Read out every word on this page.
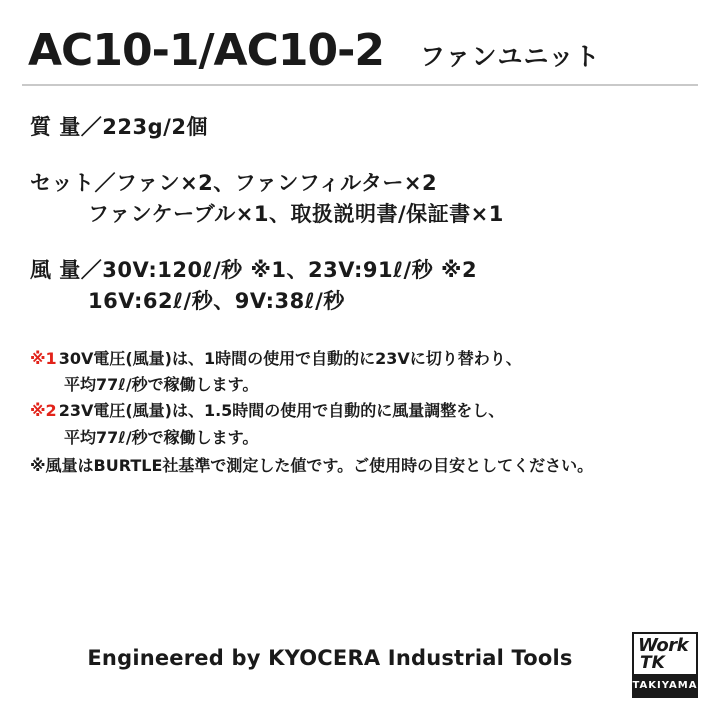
AC10-1/AC10-2 ファンユニット
質 量／223g/2個
セット／ファン×2、ファンフィルター×2
ファンケーブル×1、取扱説明書/保証書×1
風 量／30V:120ℓ/秒 ※1、23V:91ℓ/秒 ※2
16V:62ℓ/秒、9V:38ℓ/秒
※1 30V電圧(風量)は、1時間の使用で自動的に23Vに切り替わり、
平均77ℓ/秒で稼働します。
※2 23V電圧(風量)は、1.5時間の使用で自動的に風量調整をし、
平均77ℓ/秒で稼働します。
※風量はBURTLE社基準で測定した値です。ご使用時の目安としてください。
Engineered by KYOCERA Industrial Tools
Work
TK
TAKIYAMA
